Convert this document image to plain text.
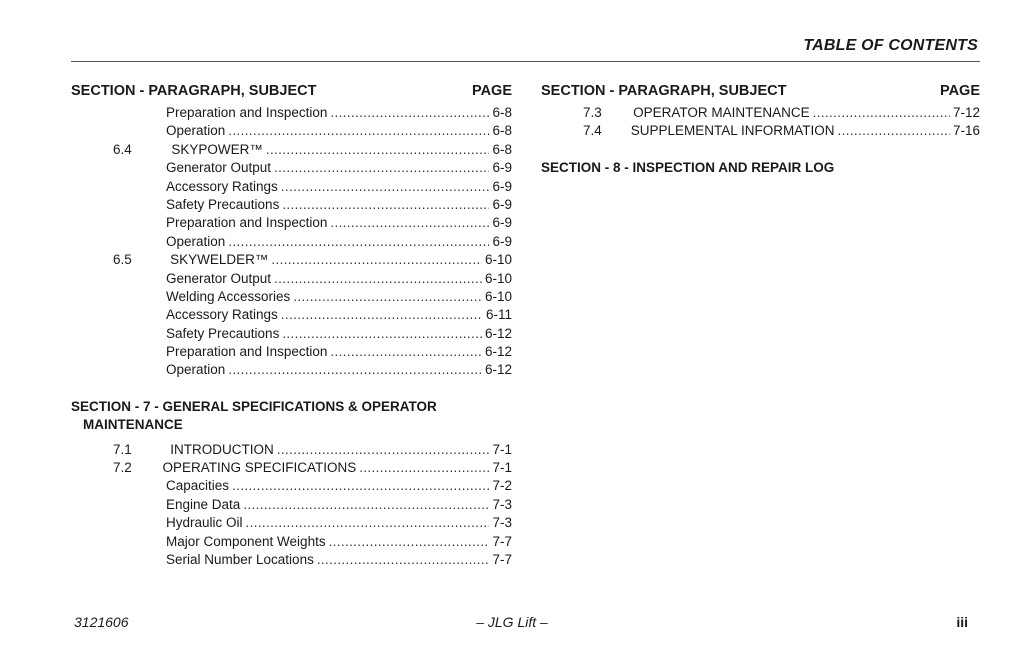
TABLE OF CONTENTS
SECTION - PARAGRAPH, SUBJECT	PAGE
Preparation and Inspection . . .	6-8
Operation . . .	6-8
6.4	SKYPOWER™ . . .	6-8
Generator Output . . .	6-9
Accessory Ratings . . .	6-9
Safety Precautions . . .	6-9
Preparation and Inspection . . .	6-9
Operation . . .	6-9
6.5	SKYWELDER™ . . .	6-10
Generator Output . . .	6-10
Welding Accessories . . .	6-10
Accessory Ratings . . .	6-11
Safety Precautions . . .	6-12
Preparation and Inspection . . .	6-12
Operation . . .	6-12
SECTION - 7 - GENERAL SPECIFICATIONS & OPERATOR
MAINTENANCE
7.1	INTRODUCTION . . .	7-1
7.2	OPERATING SPECIFICATIONS . . .	7-1
Capacities . . .	7-2
Engine Data . . .	7-3
Hydraulic Oil . . .	7-3
Major Component Weights . . .	7-7
Serial Number Locations . . .	7-7
SECTION - PARAGRAPH, SUBJECT	PAGE
7.3	OPERATOR MAINTENANCE . . .	7-12
7.4	SUPPLEMENTAL INFORMATION . . .	7-16
SECTION - 8 - INSPECTION AND REPAIR LOG
3121606	– JLG Lift –	iii
